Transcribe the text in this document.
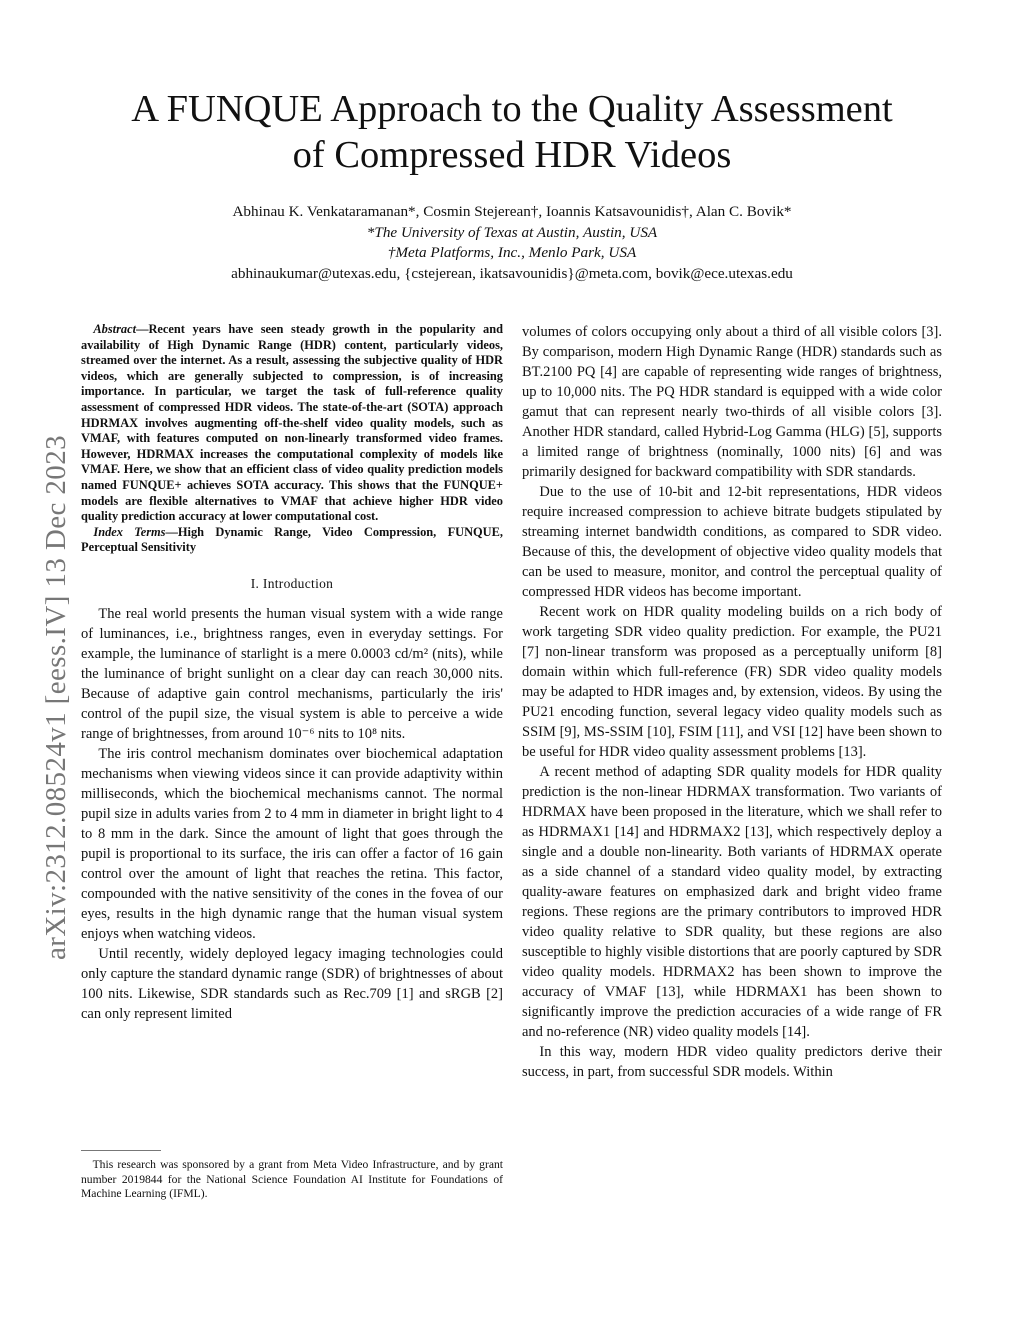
arXiv:2312.08524v1 [eess.IV] 13 Dec 2023
A FUNQUE Approach to the Quality Assessment
of Compressed HDR Videos
Abhinau K. Venkataramanan*, Cosmin Stejerean†, Ioannis Katsavounidis†, Alan C. Bovik*
*The University of Texas at Austin, Austin, USA
†Meta Platforms, Inc., Menlo Park, USA
abhinaukumar@utexas.edu, {cstejerean, ikatsavounidis}@meta.com, bovik@ece.utexas.edu
Abstract—Recent years have seen steady growth in the popularity and availability of High Dynamic Range (HDR) content, particularly videos, streamed over the internet. As a result, assessing the subjective quality of HDR videos, which are generally subjected to compression, is of increasing importance. In particular, we target the task of full-reference quality assessment of compressed HDR videos. The state-of-the-art (SOTA) approach HDRMAX involves augmenting off-the-shelf video quality models, such as VMAF, with features computed on non-linearly transformed video frames. However, HDRMAX increases the computational complexity of models like VMAF. Here, we show that an efficient class of video quality prediction models named FUNQUE+ achieves SOTA accuracy. This shows that the FUNQUE+ models are flexible alternatives to VMAF that achieve higher HDR video quality prediction accuracy at lower computational cost.
Index Terms—High Dynamic Range, Video Compression, FUNQUE, Perceptual Sensitivity
I. Introduction

The real world presents the human visual system with a wide range of luminances, i.e., brightness ranges, even in everyday settings. For example, the luminance of starlight is a mere 0.0003 cd/m² (nits), while the luminance of bright sunlight on a clear day can reach 30,000 nits. Because of adaptive gain control mechanisms, particularly the iris' control of the pupil size, the visual system is able to perceive a wide range of brightnesses, from around 10⁻⁶ nits to 10⁸ nits.

The iris control mechanism dominates over biochemical adaptation mechanisms when viewing videos since it can provide adaptivity within milliseconds, which the biochemical mechanisms cannot. The normal pupil size in adults varies from 2 to 4 mm in diameter in bright light to 4 to 8 mm in the dark. Since the amount of light that goes through the pupil is proportional to its surface, the iris can offer a factor of 16 gain control over the amount of light that reaches the retina. This factor, compounded with the native sensitivity of the cones in the fovea of our eyes, results in the high dynamic range that the human visual system enjoys when watching videos.

Until recently, widely deployed legacy imaging technologies could only capture the standard dynamic range (SDR) of brightnesses of about 100 nits. Likewise, SDR standards such as Rec.709 [1] and sRGB [2] can only represent limited

This research was sponsored by a grant from Meta Video Infrastructure, and by grant number 2019844 for the National Science Foundation AI Institute for Foundations of Machine Learning (IFML).

volumes of colors occupying only about a third of all visible colors [3]. By comparison, modern High Dynamic Range (HDR) standards such as BT.2100 PQ [4] are capable of representing wide ranges of brightness, up to 10,000 nits. The PQ HDR standard is equipped with a wide color gamut that can represent nearly two-thirds of all visible colors [3]. Another HDR standard, called Hybrid-Log Gamma (HLG) [5], supports a limited range of brightness (nominally, 1000 nits) [6] and was primarily designed for backward compatibility with SDR standards.

Due to the use of 10-bit and 12-bit representations, HDR videos require increased compression to achieve bitrate budgets stipulated by streaming internet bandwidth conditions, as compared to SDR video. Because of this, the development of objective video quality models that can be used to measure, monitor, and control the perceptual quality of compressed HDR videos has become important.

Recent work on HDR quality modeling builds on a rich body of work targeting SDR video quality prediction. For example, the PU21 [7] non-linear transform was proposed as a perceptually uniform [8] domain within which full-reference (FR) SDR video quality models may be adapted to HDR images and, by extension, videos. By using the PU21 encoding function, several legacy video quality models such as SSIM [9], MS-SSIM [10], FSIM [11], and VSI [12] have been shown to be useful for HDR video quality assessment problems [13].

A recent method of adapting SDR quality models for HDR quality prediction is the non-linear HDRMAX transformation. Two variants of HDRMAX have been proposed in the literature, which we shall refer to as HDRMAX1 [14] and HDRMAX2 [13], which respectively deploy a single and a double non-linearity. Both variants of HDRMAX operate as a side channel of a standard video quality model, by extracting quality-aware features on emphasized dark and bright video frame regions. These regions are the primary contributors to improved HDR video quality relative to SDR quality, but these regions are also susceptible to highly visible distortions that are poorly captured by SDR video quality models. HDRMAX2 has been shown to improve the accuracy of VMAF [13], while HDRMAX1 has been shown to significantly improve the prediction accuracies of a wide range of FR and no-reference (NR) video quality models [14].

In this way, modern HDR video quality predictors derive their success, in part, from successful SDR models. Within
